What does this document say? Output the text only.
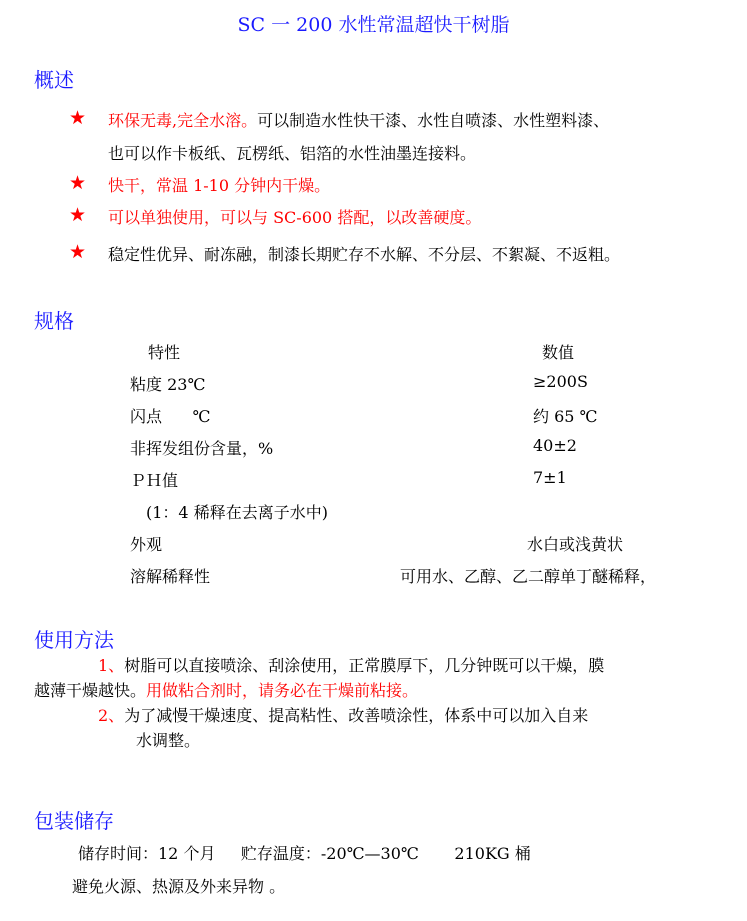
SC 一 200 水性常温超快干树脂
概述
★ 环保无毒,完全水溶。可以制造水性快干漆、水性自喷漆、水性塑料漆、
也可以作卡板纸、瓦楞纸、铝箔的水性油墨连接料。
★ 快干，常温 1-10 分钟内干燥。
★ 可以单独使用，可以与 SC-600 搭配，以改善硬度。
★ 稳定性优异、耐冻融，制漆长期贮存不水解、不分层、不絮凝、不返粗。
规格
特性	数值
粘度 23℃	≥200S
闪点      ℃	约 65 ℃
非挥发组份含量，%	40±2
ＰＨ值	7±1
(1：4 稀释在去离子水中)
外观	水白或浅黄状
溶解稀释性	可用水、乙醇、乙二醇单丁醚稀释，
使用方法
1、树脂可以直接喷涂、刮涂使用，正常膜厚下，几分钟既可以干燥，膜
越薄干燥越快。用做粘合剂时，请务必在干燥前粘接。
2、为了减慢干燥速度、提高粘性、改善喷涂性，体系中可以加入自来
水调整。
包装储存
储存时间：12 个月     贮存温度：-20℃—30℃       210KG 桶
避免火源、热源及外来异物 。
